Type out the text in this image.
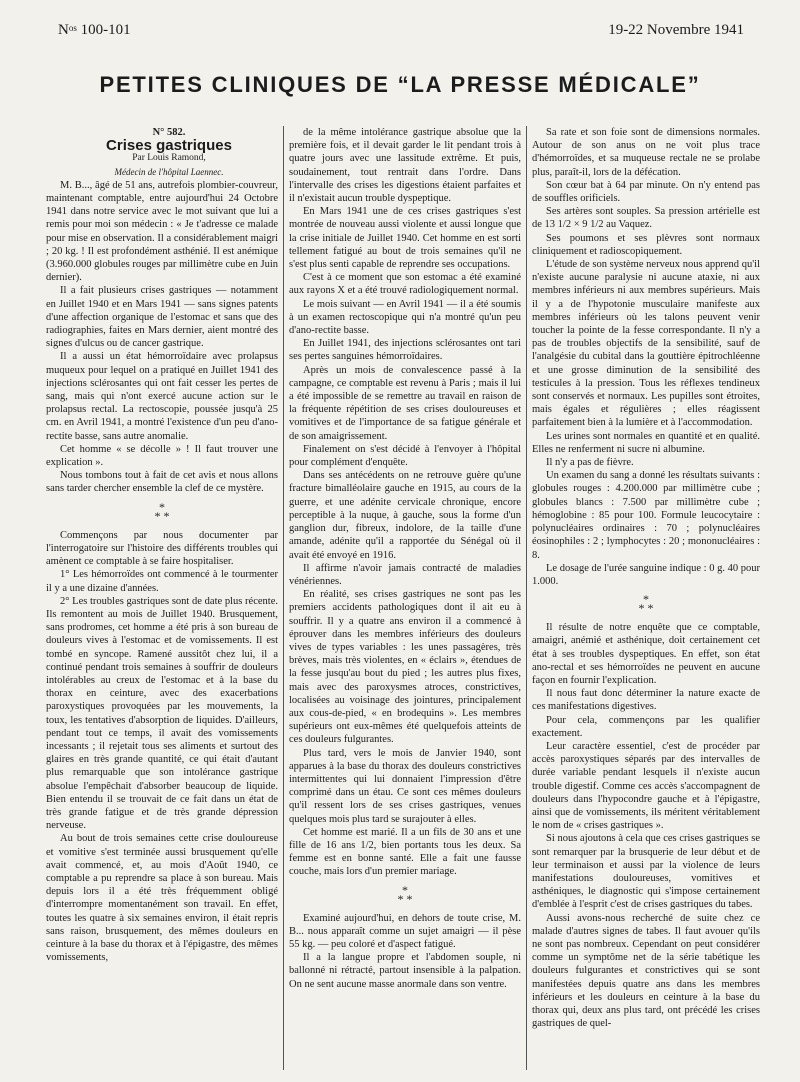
$N^{os}$ 100-101	19-22 Novembre 1941
PETITES CLINIQUES DE “LA PRESSE MÉDICALE”

N° 582.

Crises gastriques

Par Louis Ramond,

Médecin de l'hôpital Laennec.

M. B..., âgé de 51 ans, autrefois plombier-couvreur, maintenant comptable, entre aujourd'hui 24 Octobre 1941 dans notre service avec le mot suivant que lui a remis pour moi son médecin : « Je t'adresse ce malade pour mise en observation. Il a considérablement maigri ; 20 kg. ! Il est profondément asthénié. Il est anémique (3.960.000 globules rouges par millimètre cube en Juin dernier).

Il a fait plusieurs crises gastriques — notamment en Juillet 1940 et en Mars 1941 — sans signes patents d'une affection organique de l'estomac et sans que des radiographies, faites en Mars dernier, aient montré des signes d'ulcus ou de cancer gastrique.

Il a aussi un état hémorroïdaire avec prolapsus muqueux pour lequel on a pratiqué en Juillet 1941 des injections sclérosantes qui ont fait cesser les pertes de sang, mais qui n'ont exercé aucune action sur le prolapsus rectal. La rectoscopie, poussée jusqu'à 25 cm. en Avril 1941, a montré l'existence d'un peu d'ano-rectite basse, sans autre anomalie.

Cet homme « se décolle » ! Il faut trouver une explication ».

Nous tombons tout à fait de cet avis et nous allons sans tarder chercher ensemble la clef de ce mystère.

*
* *

Commençons par nous documenter par l'interrogatoire sur l'histoire des différents troubles qui amènent ce comptable à se faire hospitaliser.

1° Les hémorroïdes ont commencé à le tourmenter il y a une dizaine d'années.

2° Les troubles gastriques sont de date plus récente. Ils remontent au mois de Juillet 1940. Brusquement, sans prodromes, cet homme a été pris à son bureau de douleurs vives à l'estomac et de vomissements. Il est tombé en syncope. Ramené aussitôt chez lui, il a continué pendant trois semaines à souffrir de douleurs intolérables au creux de l'estomac et à la base du thorax en ceinture, avec des exacerbations paroxystiques provoquées par les mouvements, la toux, les tentatives d'absorption de liquides. D'ailleurs, pendant tout ce temps, il avait des vomissements incessants ; il rejetait tous ses aliments et surtout des glaires en très grande quantité, ce qui était d'autant plus remarquable que son intolérance gastrique absolue l'empêchait d'absorber beaucoup de liquide. Bien entendu il se trouvait de ce fait dans un état de très grande fatigue et de très grande dépression nerveuse.

Au bout de trois semaines cette crise douloureuse et vomitive s'est terminée aussi brusquement qu'elle avait commencé, et, au mois d'Août 1940, ce comptable a pu reprendre sa place à son bureau. Mais depuis lors il a été très fréquemment obligé d'interrompre momentanément son travail. En effet, toutes les quatre à six semaines environ, il était repris sans raison, brusquement, des mêmes douleurs en ceinture à la base du thorax et à l'épigastre, des mêmes vomissements,

de la même intolérance gastrique absolue que la première fois, et il devait garder le lit pendant trois à quatre jours avec une lassitude extrême. Et puis, soudainement, tout rentrait dans l'ordre. Dans l'intervalle des crises les digestions étaient parfaites et il n'existait aucun trouble dyspeptique.

En Mars 1941 une de ces crises gastriques s'est montrée de nouveau aussi violente et aussi longue que la crise initiale de Juillet 1940. Cet homme en est sorti tellement fatigué au bout de trois semaines qu'il ne s'est plus senti capable de reprendre ses occupations.

C'est à ce moment que son estomac a été examiné aux rayons X et a été trouvé radiologiquement normal.

Le mois suivant — en Avril 1941 — il a été soumis à un examen rectoscopique qui n'a montré qu'un peu d'ano-rectite basse.

En Juillet 1941, des injections sclérosantes ont tari ses pertes sanguines hémorroïdaires.

Après un mois de convalescence passé à la campagne, ce comptable est revenu à Paris ; mais il lui a été impossible de se remettre au travail en raison de la fréquente répétition de ses crises douloureuses et vomitives et de l'importance de sa fatigue générale et de son amaigrissement.

Finalement on s'est décidé à l'envoyer à l'hôpital pour complément d'enquête.

Dans ses antécédents on ne retrouve guère qu'une fracture bimalléolaire gauche en 1915, au cours de la guerre, et une adénite cervicale chronique, encore perceptible à la nuque, à gauche, sous la forme d'un ganglion dur, fibreux, indolore, de la taille d'une amande, adénite qu'il a rapportée du Sénégal où il avait été envoyé en 1916.

Il affirme n'avoir jamais contracté de maladies vénériennes.

En réalité, ses crises gastriques ne sont pas les premiers accidents pathologiques dont il ait eu à souffrir. Il y a quatre ans environ il a commencé à éprouver dans les membres inférieurs des douleurs vives de types variables : les unes passagères, très brèves, mais très violentes, en « éclairs », étendues de la fesse jusqu'au bout du pied ; les autres plus fixes, mais avec des paroxysmes atroces, constrictives, localisées au voisinage des jointures, principalement aux cous-de-pied, « en brodequins ». Les membres supérieurs ont eux-mêmes été quelquefois atteints de ces douleurs fulgurantes.

Plus tard, vers le mois de Janvier 1940, sont apparues à la base du thorax des douleurs constrictives intermittentes qui lui donnaient l'impression d'être comprimé dans un étau. Ce sont ces mêmes douleurs qu'il ressent lors de ses crises gastriques, venues quelques mois plus tard se surajouter à elles.

Cet homme est marié. Il a un fils de 30 ans et une fille de 16 ans 1/2, bien portants tous les deux. Sa femme est en bonne santé. Elle a fait une fausse couche, mais lors d'un premier mariage.

*
* *

Examiné aujourd'hui, en dehors de toute crise, M. B... nous apparaît comme un sujet amaigri — il pèse 55 kg. — peu coloré et d'aspect fatigué.

Il a la langue propre et l'abdomen souple, ni ballonné ni rétracté, partout insensible à la palpation. On ne sent aucune masse anormale dans son ventre.

Sa rate et son foie sont de dimensions normales. Autour de son anus on ne voit plus trace d'hémorroïdes, et sa muqueuse rectale ne se prolabe plus, paraît-il, lors de la défécation.

Son cœur bat à 64 par minute. On n'y entend pas de souffles orificiels.

Ses artères sont souples. Sa pression artérielle est de 13 1/2 × 9 1/2 au Vaquez.

Ses poumons et ses plèvres sont normaux cliniquement et radioscopiquement.

L'étude de son système nerveux nous apprend qu'il n'existe aucune paralysie ni aucune ataxie, ni aux membres inférieurs ni aux membres supérieurs. Mais il y a de l'hypotonie musculaire manifeste aux membres inférieurs où les talons peuvent venir toucher la pointe de la fesse correspondante. Il n'y a pas de troubles objectifs de la sensibilité, sauf de l'analgésie du cubital dans la gouttière épitrochléenne et une grosse diminution de la sensibilité des testicules à la pression. Tous les réflexes tendineux sont conservés et normaux. Les pupilles sont étroites, mais égales et régulières ; elles réagissent parfaitement bien à la lumière et à l'accommodation.

Les urines sont normales en quantité et en qualité. Elles ne renferment ni sucre ni albumine.

Il n'y a pas de fièvre.

Un examen du sang a donné les résultats suivants : globules rouges : 4.200.000 par millimètre cube ; globules blancs : 7.500 par millimètre cube ; hémoglobine : 85 pour 100. Formule leucocytaire : polynucléaires ordinaires : 70 ; polynucléaires éosinophiles : 2 ; lymphocytes : 20 ; mononucléaires : 8.

Le dosage de l'urée sanguine indique : 0 g. 40 pour 1.000.

*
* *

Il résulte de notre enquête que ce comptable, amaigri, anémié et asthénique, doit certainement cet état à ses troubles dyspeptiques. En effet, son état ano-rectal et ses hémorroïdes ne peuvent en aucune façon en fournir l'explication.

Il nous faut donc déterminer la nature exacte de ces manifestations digestives.

Pour cela, commençons par les qualifier exactement.

Leur caractère essentiel, c'est de procéder par accès paroxystiques séparés par des intervalles de durée variable pendant lesquels il n'existe aucun trouble digestif. Comme ces accès s'accompagnent de douleurs dans l'hypocondre gauche et à l'épigastre, ainsi que de vomissements, ils méritent véritablement le nom de « crises gastriques ».

Si nous ajoutons à cela que ces crises gastriques se sont remarquer par la brusquerie de leur début et de leur terminaison et aussi par la violence de leurs manifestations douloureuses, vomitives et asthéniques, le diagnostic qui s'impose certainement d'emblée à l'esprit c'est de crises gastriques du tabes.

Aussi avons-nous recherché de suite chez ce malade d'autres signes de tabes. Il faut avouer qu'ils ne sont pas nombreux. Cependant on peut considérer comme un symptôme net de la série tabétique les douleurs fulgurantes et constrictives qui se sont manifestées depuis quatre ans dans les membres inférieurs et les douleurs en ceinture à la base du thorax qui, deux ans plus tard, ont précédé les crises gastriques de quel-
